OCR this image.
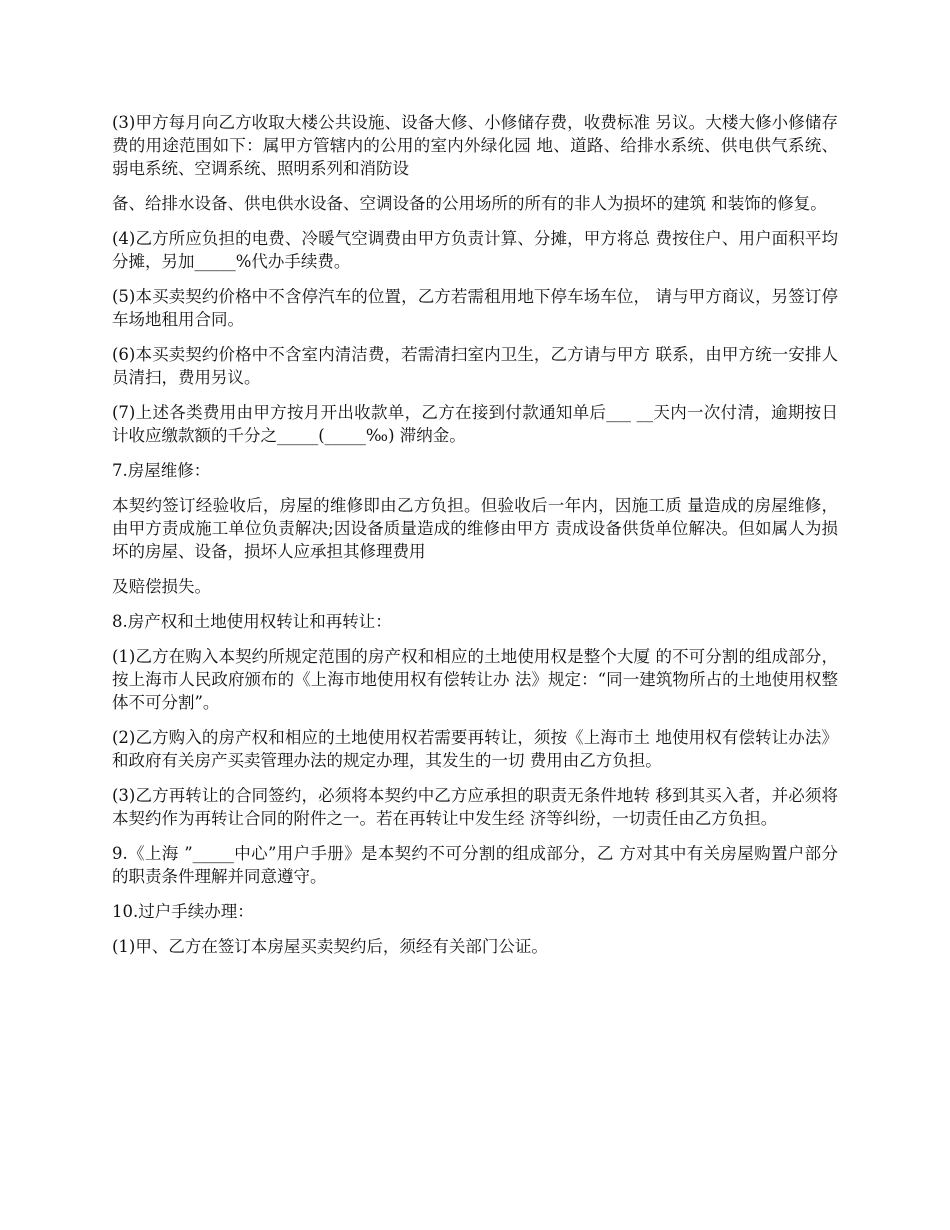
(3)甲方每月向乙方收取大楼公共设施、设备大修、小修储存费，收费标准 另议。大楼大修小修储存费的用途范围如下：属甲方管辖内的公用的室内外绿化园 地、道路、给排水系统、供电供气系统、弱电系统、空调系统、照明系列和消防设

备、给排水设备、供电供水设备、空调设备的公用场所的所有的非人为损坏的建筑 和装饰的修复。

(4)乙方所应负担的电费、冷暖气空调费由甲方负责计算、分摊，甲方将总 费按住户、用户面积平均分摊，另加_____%代办手续费。

(5)本买卖契约价格中不含停汽车的位置，乙方若需租用地下停车场车位， 请与甲方商议，另签订停车场地租用合同。

(6)本买卖契约价格中不含室内清洁费，若需清扫室内卫生，乙方请与甲方 联系，由甲方统一安排人员清扫，费用另议。

(7)上述各类费用由甲方按月开出收款单，乙方在接到付款通知单后___ __天内一次付清，逾期按日计收应缴款额的千分之_____(_____‰) 滞纳金。

7.房屋维修：

本契约签订经验收后，房屋的维修即由乙方负担。但验收后一年内，因施工质 量造成的房屋维修，由甲方责成施工单位负责解决;因设备质量造成的维修由甲方 责成设备供货单位解决。但如属人为损坏的房屋、设备，损坏人应承担其修理费用

及赔偿损失。

8.房产权和土地使用权转让和再转让：

(1)乙方在购入本契约所规定范围的房产权和相应的土地使用权是整个大厦 的不可分割的组成部分，按上海市人民政府颁布的《上海市地使用权有偿转让办 法》规定：“同一建筑物所占的土地使用权整体不可分割”。

(2)乙方购入的房产权和相应的土地使用权若需要再转让，须按《上海市土 地使用权有偿转让办法》和政府有关房产买卖管理办法的规定办理，其发生的一切 费用由乙方负担。

(3)乙方再转让的合同签约，必须将本契约中乙方应承担的职责无条件地转 移到其买入者，并必须将本契约作为再转让合同的附件之一。若在再转让中发生经 济等纠纷，一切责任由乙方负担。

9.《上海 ”_____中心”用户手册》是本契约不可分割的组成部分，乙 方对其中有关房屋购置户部分的职责条件理解并同意遵守。

10.过户手续办理：

(1)甲、乙方在签订本房屋买卖契约后，须经有关部门公证。
